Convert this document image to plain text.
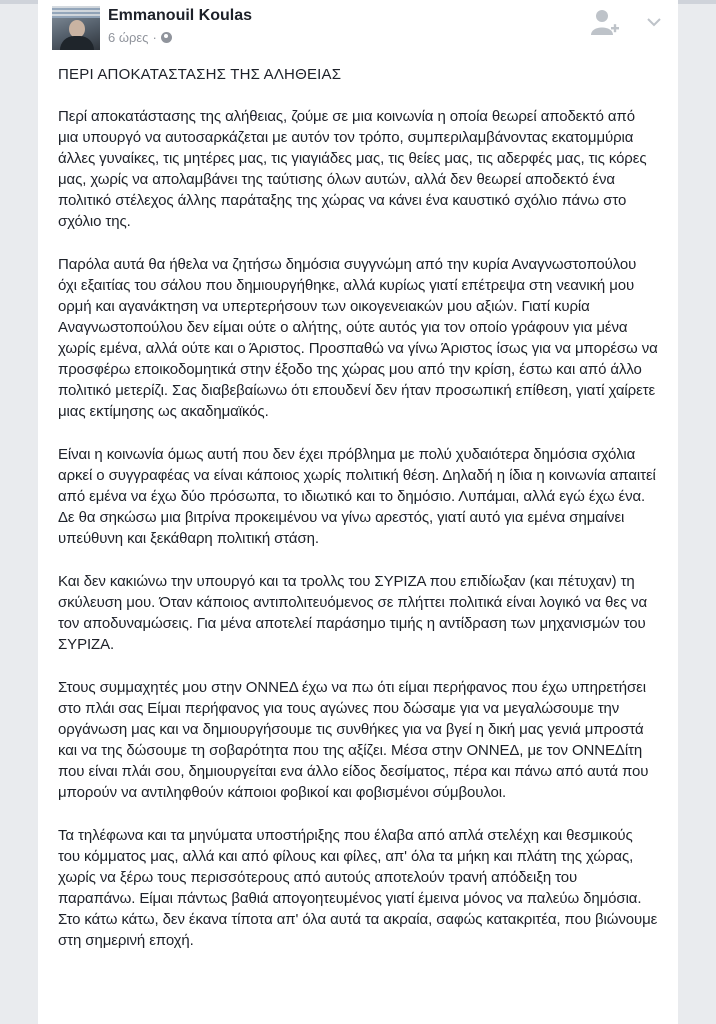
Emmanouil Koulas
6 ώρες ·
ΠΕΡΙ ΑΠΟΚΑΤΑΣΤΑΣΗΣ ΤΗΣ ΑΛΗΘΕΙΑΣ

Περί αποκατάστασης της αλήθειας, ζούμε σε μια κοινωνία η οποία θεωρεί αποδεκτό από μια υπουργό να αυτοσαρκάζεται με αυτόν τον τρόπο, συμπεριλαμβάνοντας εκατομμύρια άλλες γυναίκες, τις μητέρες μας, τις γιαγιάδες μας, τις θείες μας, τις αδερφές μας, τις κόρες μας, χωρίς να απολαμβάνει της ταύτισης όλων αυτών, αλλά δεν θεωρεί αποδεκτό ένα πολιτικό στέλεχος άλλης παράταξης της χώρας να κάνει ένα καυστικό σχόλιο πάνω στο σχόλιο της.

Παρόλα αυτά θα ήθελα να ζητήσω δημόσια συγγνώμη από την κυρία Αναγνωστοπούλου όχι εξαιτίας του σάλου που δημιουργήθηκε, αλλά κυρίως γιατί επέτρεψα στη νεανική μου ορμή και αγανάκτηση να υπερτερήσουν των οικογενειακών μου αξιών. Γιατί κυρία Αναγνωστοπούλου δεν είμαι ούτε ο αλήτης, ούτε αυτός για τον οποίο γράφουν για μένα χωρίς εμένα, αλλά ούτε και ο Άριστος. Προσπαθώ να γίνω Άριστος ίσως για να μπορέσω να προσφέρω εποικοδομητικά στην έξοδο της χώρας μου από την κρίση, έστω και από άλλο πολιτικό μετερίζι. Σας διαβεβαίωνω ότι επουδενί δεν ήταν προσωπική επίθεση, γιατί χαίρετε μιας εκτίμησης ως ακαδημαϊκός.

Είναι η κοινωνία όμως αυτή που δεν έχει πρόβλημα με πολύ χυδαιότερα δημόσια σχόλια αρκεί ο συγγραφέας να είναι κάποιος χωρίς πολιτική θέση. Δηλαδή η ίδια η κοινωνία απαιτεί από εμένα να έχω δύο πρόσωπα, το ιδιωτικό και το δημόσιο. Λυπάμαι, αλλά εγώ έχω ένα. Δε θα σηκώσω μια βιτρίνα προκειμένου να γίνω αρεστός, γιατί αυτό για εμένα σημαίνει υπεύθυνη και ξεκάθαρη πολιτική στάση.

Και δεν κακιώνω την υπουργό και τα τρολλς του ΣΥΡΙΖΑ που επιδίωξαν (και πέτυχαν) τη σκύλευση μου. Όταν κάποιος αντιπολιτευόμενος σε πλήττει πολιτικά είναι λογικό να θες να τον αποδυναμώσεις. Για μένα αποτελεί παράσημο τιμής η αντίδραση των μηχανισμών του ΣΥΡΙΖΑ.

Στους συμμαχητές μου στην ΟΝΝΕΔ έχω να πω ότι είμαι περήφανος που έχω υπηρετήσει στο πλάι σας Είμαι περήφανος για τους αγώνες που δώσαμε για να μεγαλώσουμε την οργάνωση μας και να δημιουργήσουμε τις συνθήκες για να βγεί η δική μας γενιά μπροστά και να της δώσουμε τη σοβαρότητα που της αξίζει. Μέσα στην ΟΝΝΕΔ, με τον ΟΝΝΕΔίτη που είναι πλάι σου, δημιουργείται ενα άλλο είδος δεσίματος, πέρα και πάνω από αυτά που μπορούν να αντιληφθούν κάποιοι φοβικοί και φοβισμένοι σύμβουλοι.

Τα τηλέφωνα και τα μηνύματα υποστήριξης που έλαβα από απλά στελέχη και θεσμικούς του κόμματος μας, αλλά και από φίλους και φίλες, απ' όλα τα μήκη και πλάτη της χώρας, χωρίς να ξέρω τους περισσότερους από αυτούς αποτελούν τρανή απόδειξη του παραπάνω. Είμαι πάντως βαθιά απογοητευμένος γιατί έμεινα μόνος να παλεύω δημόσια. Στο κάτω κάτω, δεν έκανα τίποτα απ' όλα αυτά τα ακραία, σαφώς κατακριτέα, που βιώνουμε στη σημερινή εποχή.
